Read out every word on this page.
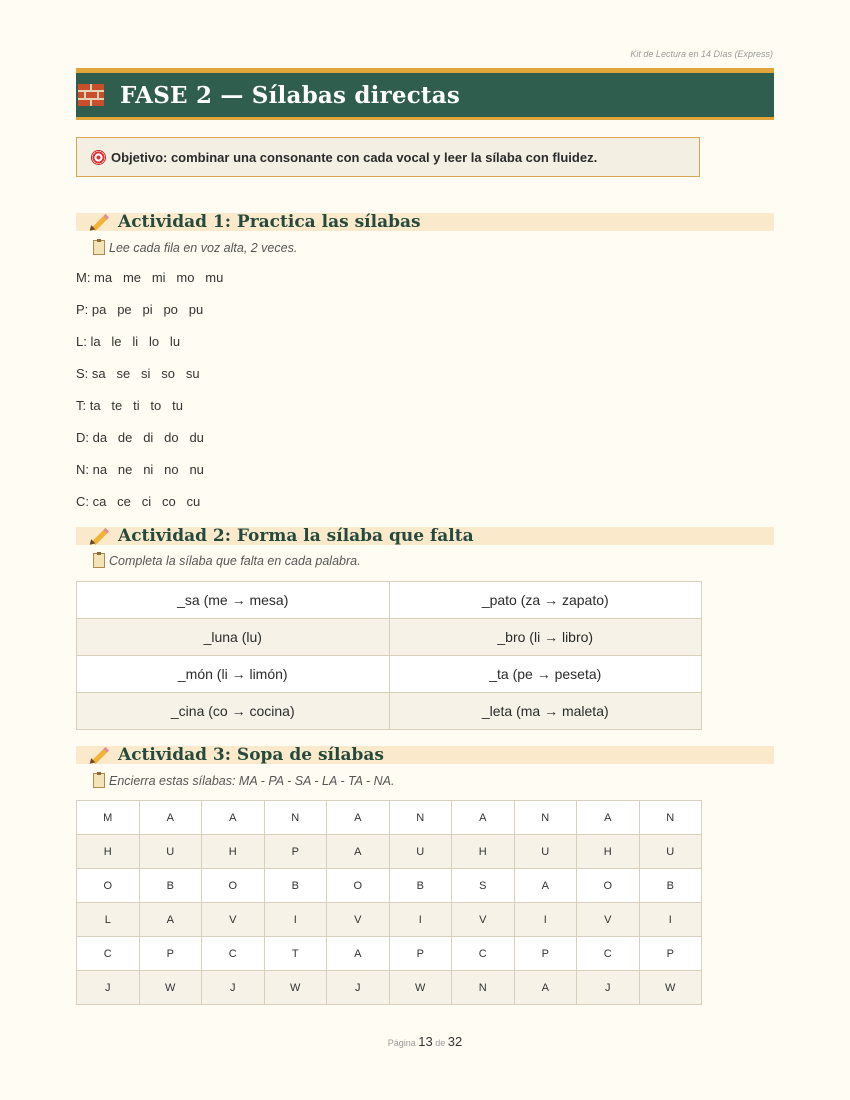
Kit de Lectura en 14 Días (Express)
FASE 2 — Sílabas directas
Objetivo: combinar una consonante con cada vocal y leer la sílaba con fluidez.
Actividad 1: Practica las sílabas
Lee cada fila en voz alta, 2 veces.
M: ma   me   mi   mo   mu
P: pa   pe   pi   po   pu
L: la   le   li   lo   lu
S: sa   se   si   so   su
T: ta   te   ti   to   tu
D: da   de   di   do   du
N: na   ne   ni   no   nu
C: ca   ce   ci   co   cu
Actividad 2: Forma la sílaba que falta
Completa la sílaba que falta en cada palabra.
_sa (me → mesa)	_pato (za → zapato)
_luna (lu)	_bro (li → libro)
_món (li → limón)	_ta (pe → peseta)
_cina (co → cocina)	_leta (ma → maleta)
Actividad 3: Sopa de sílabas
Encierra estas sílabas: MA - PA - SA - LA - TA - NA.
M	A	A	N	A	N	A	N	A	N
H	U	H	P	A	U	H	U	H	U
O	B	O	B	O	B	S	A	O	B
L	A	V	I	V	I	V	I	V	I
C	P	C	T	A	P	C	P	C	P
J	W	J	W	J	W	N	A	J	W
Página 13 de 32
